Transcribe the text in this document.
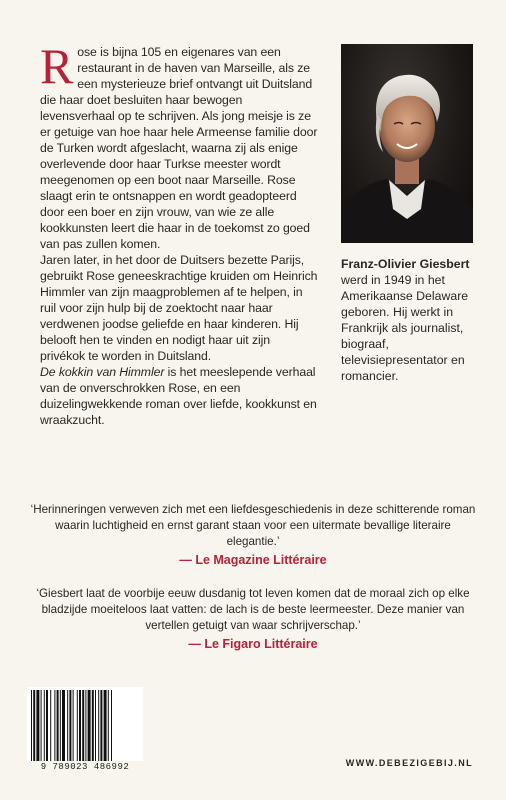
R ose is bijna 105 en eigenares van een restaurant in de haven van Marseille, als ze een mysterieuze brief ontvangt uit Duitsland die haar doet besluiten haar bewogen levensverhaal op te schrijven. Als jong meisje is ze er getuige van hoe haar hele Armeense familie door de Turken wordt afgeslacht, waarna zij als enige overlevende door haar Turkse meester wordt meegenomen op een boot naar Marseille. Rose slaagt erin te ontsnappen en wordt geadopteerd door een boer en zijn vrouw, van wie ze alle kookkunsten leert die haar in de toekomst zo goed van pas zullen komen.

Jaren later, in het door de Duitsers bezette Parijs, gebruikt Rose geneeskrachtige kruiden om Heinrich Himmler van zijn maagproblemen af te helpen, in ruil voor zijn hulp bij de zoektocht naar haar verdwenen joodse geliefde en haar kinderen. Hij belooft hen te vinden en nodigt haar uit zijn privékok te worden in Duitsland.

De kokkin van Himmler is het meeslepende verhaal van de onverschrokken Rose, en een duizelingwekkende roman over liefde, kookkunst en wraakzucht.

Franz-Olivier Giesbert werd in 1949 in het Amerikaanse Delaware geboren. Hij werkt in Frankrijk als journalist, biograaf, televisiepresentator en romancier.

‘Herinneringen verweven zich met een liefdesgeschiedenis in deze schitterende roman waarin luchtigheid en ernst garant staan voor een uitermate bevallige literaire elegantie.’

— Le Magazine Littéraire

‘Giesbert laat de voorbije eeuw dusdanig tot leven komen dat de moraal zich op elke bladzijde moeiteloos laat vatten: de lach is de beste leermeester. Deze manier van vertellen getuigt van waar schrijverschap.’

— Le Figaro Littéraire

9 789023 486992	WWW.DEBEZIGEBIJ.NL
